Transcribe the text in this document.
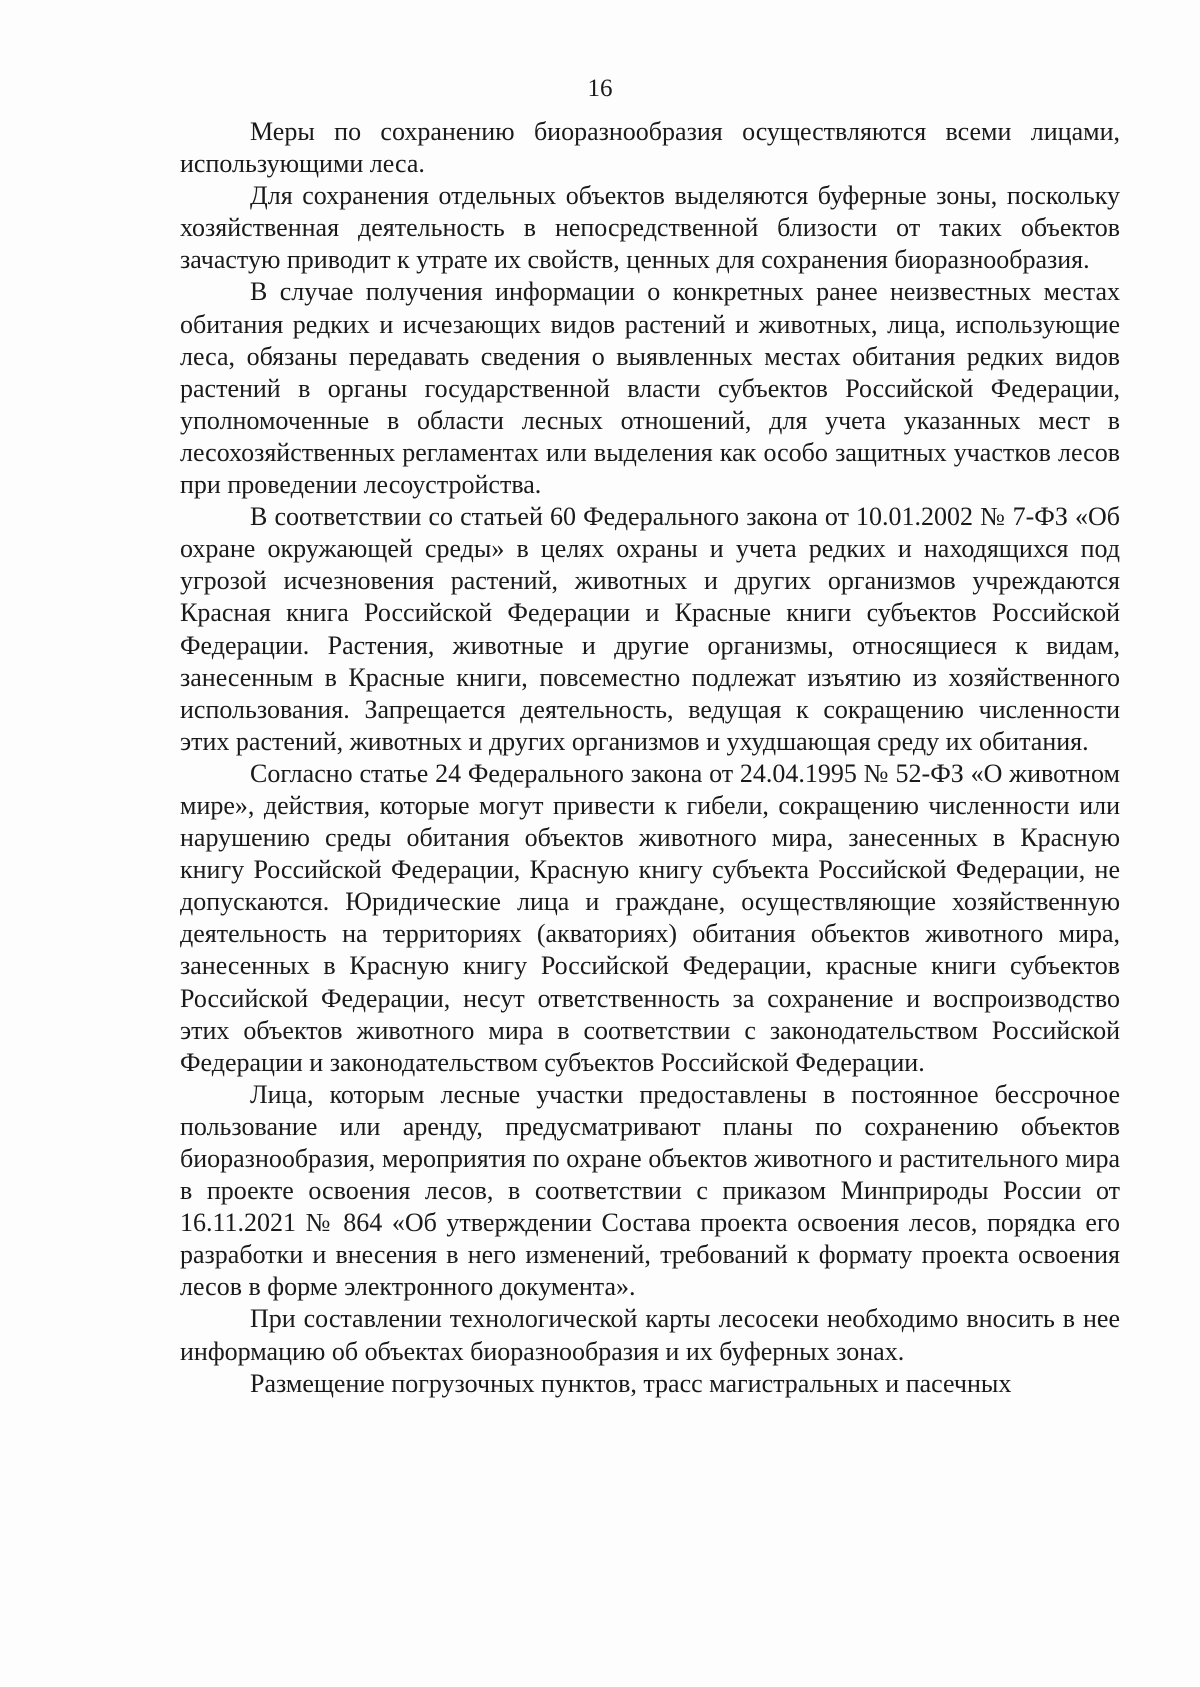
16

Меры по сохранению биоразнообразия осуществляются всеми лицами, использующими леса.

Для сохранения отдельных объектов выделяются буферные зоны, поскольку хозяйственная деятельность в непосредственной близости от таких объектов зачастую приводит к утрате их свойств, ценных для сохранения биоразнообразия.

В случае получения информации о конкретных ранее неизвестных местах обитания редких и исчезающих видов растений и животных, лица, использующие леса, обязаны передавать сведения о выявленных местах обитания редких видов растений в органы государственной власти субъектов Российской Федерации, уполномоченные в области лесных отношений, для учета указанных мест в лесохозяйственных регламентах или выделения как особо защитных участков лесов при проведении лесоустройства.

В соответствии со статьей 60 Федерального закона от 10.01.2002 № 7-ФЗ «Об охране окружающей среды» в целях охраны и учета редких и находящихся под угрозой исчезновения растений, животных и других организмов учреждаются Красная книга Российской Федерации и Красные книги субъектов Российской Федерации. Растения, животные и другие организмы, относящиеся к видам, занесенным в Красные книги, повсеместно подлежат изъятию из хозяйственного использования. Запрещается деятельность, ведущая к сокращению численности этих растений, животных и других организмов и ухудшающая среду их обитания.

Согласно статье 24 Федерального закона от 24.04.1995 № 52-ФЗ «О животном мире», действия, которые могут привести к гибели, сокращению численности или нарушению среды обитания объектов животного мира, занесенных в Красную книгу Российской Федерации, Красную книгу субъекта Российской Федерации, не допускаются. Юридические лица и граждане, осуществляющие хозяйственную деятельность на территориях (акваториях) обитания объектов животного мира, занесенных в Красную книгу Российской Федерации, красные книги субъектов Российской Федерации, несут ответственность за сохранение и воспроизводство этих объектов животного мира в соответствии с законодательством Российской Федерации и законодательством субъектов Российской Федерации.

Лица, которым лесные участки предоставлены в постоянное бессрочное пользование или аренду, предусматривают планы по сохранению объектов биоразнообразия, мероприятия по охране объектов животного и растительного мира в проекте освоения лесов, в соответствии с приказом Минприроды России от 16.11.2021 № 864 «Об утверждении Состава проекта освоения лесов, порядка его разработки и внесения в него изменений, требований к формату проекта освоения лесов в форме электронного документа».

При составлении технологической карты лесосеки необходимо вносить в нее информацию об объектах биоразнообразия и их буферных зонах.

Размещение погрузочных пунктов, трасс магистральных и пасечных
